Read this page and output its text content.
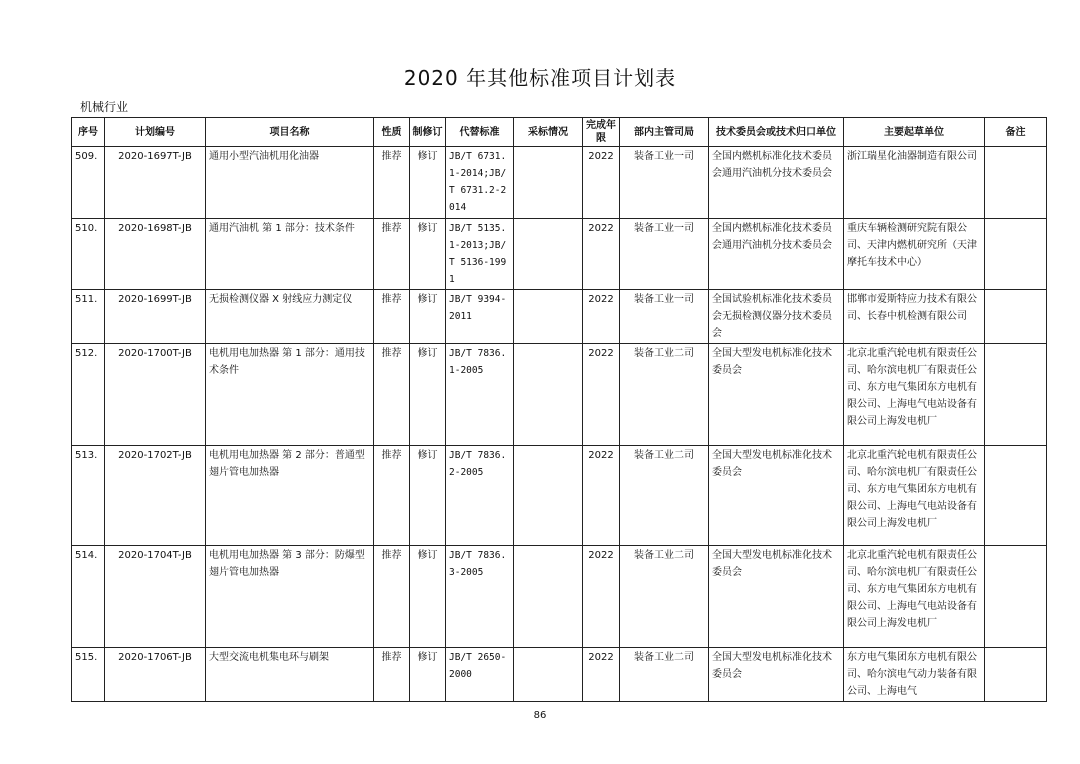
2020 年其他标准项目计划表
机械行业
序号	计划编号	项目名称	性质	制修订	代替标准	采标情况	完成年限	部内主管司局	技术委员会或技术归口单位	主要起草单位	备注
509.	2020-1697T-JB	通用小型汽油机用化油器	推荐	修订	JB/T 6731.1-2014;JB/T 6731.2-2014		2022	装备工业一司	全国内燃机标准化技术委员会通用汽油机分技术委员会	浙江瑞星化油器制造有限公司	
510.	2020-1698T-JB	通用汽油机 第 1 部分：技术条件	推荐	修订	JB/T 5135.1-2013;JB/T 5136-1991		2022	装备工业一司	全国内燃机标准化技术委员会通用汽油机分技术委员会	重庆车辆检测研究院有限公司、天津内燃机研究所（天津摩托车技术中心）	
511.	2020-1699T-JB	无损检测仪器 X 射线应力测定仪	推荐	修订	JB/T 9394-2011		2022	装备工业一司	全国试验机标准化技术委员会无损检测仪器分技术委员会	邯郸市爱斯特应力技术有限公司、长春中机检测有限公司	
512.	2020-1700T-JB	电机用电加热器 第 1 部分：通用技术条件	推荐	修订	JB/T 7836.1-2005		2022	装备工业二司	全国大型发电机标准化技术委员会	北京北重汽轮电机有限责任公司、哈尔滨电机厂有限责任公司、东方电气集团东方电机有限公司、上海电气电站设备有限公司上海发电机厂	
513.	2020-1702T-JB	电机用电加热器 第 2 部分：普通型翅片管电加热器	推荐	修订	JB/T 7836.2-2005		2022	装备工业二司	全国大型发电机标准化技术委员会	北京北重汽轮电机有限责任公司、哈尔滨电机厂有限责任公司、东方电气集团东方电机有限公司、上海电气电站设备有限公司上海发电机厂	
514.	2020-1704T-JB	电机用电加热器 第 3 部分：防爆型翅片管电加热器	推荐	修订	JB/T 7836.3-2005		2022	装备工业二司	全国大型发电机标准化技术委员会	北京北重汽轮电机有限责任公司、哈尔滨电机厂有限责任公司、东方电气集团东方电机有限公司、上海电气电站设备有限公司上海发电机厂	
515.	2020-1706T-JB	大型交流电机集电环与刷架	推荐	修订	JB/T 2650-2000		2022	装备工业二司	全国大型发电机标准化技术委员会	东方电气集团东方电机有限公司、哈尔滨电气动力装备有限公司、上海电气	
86
